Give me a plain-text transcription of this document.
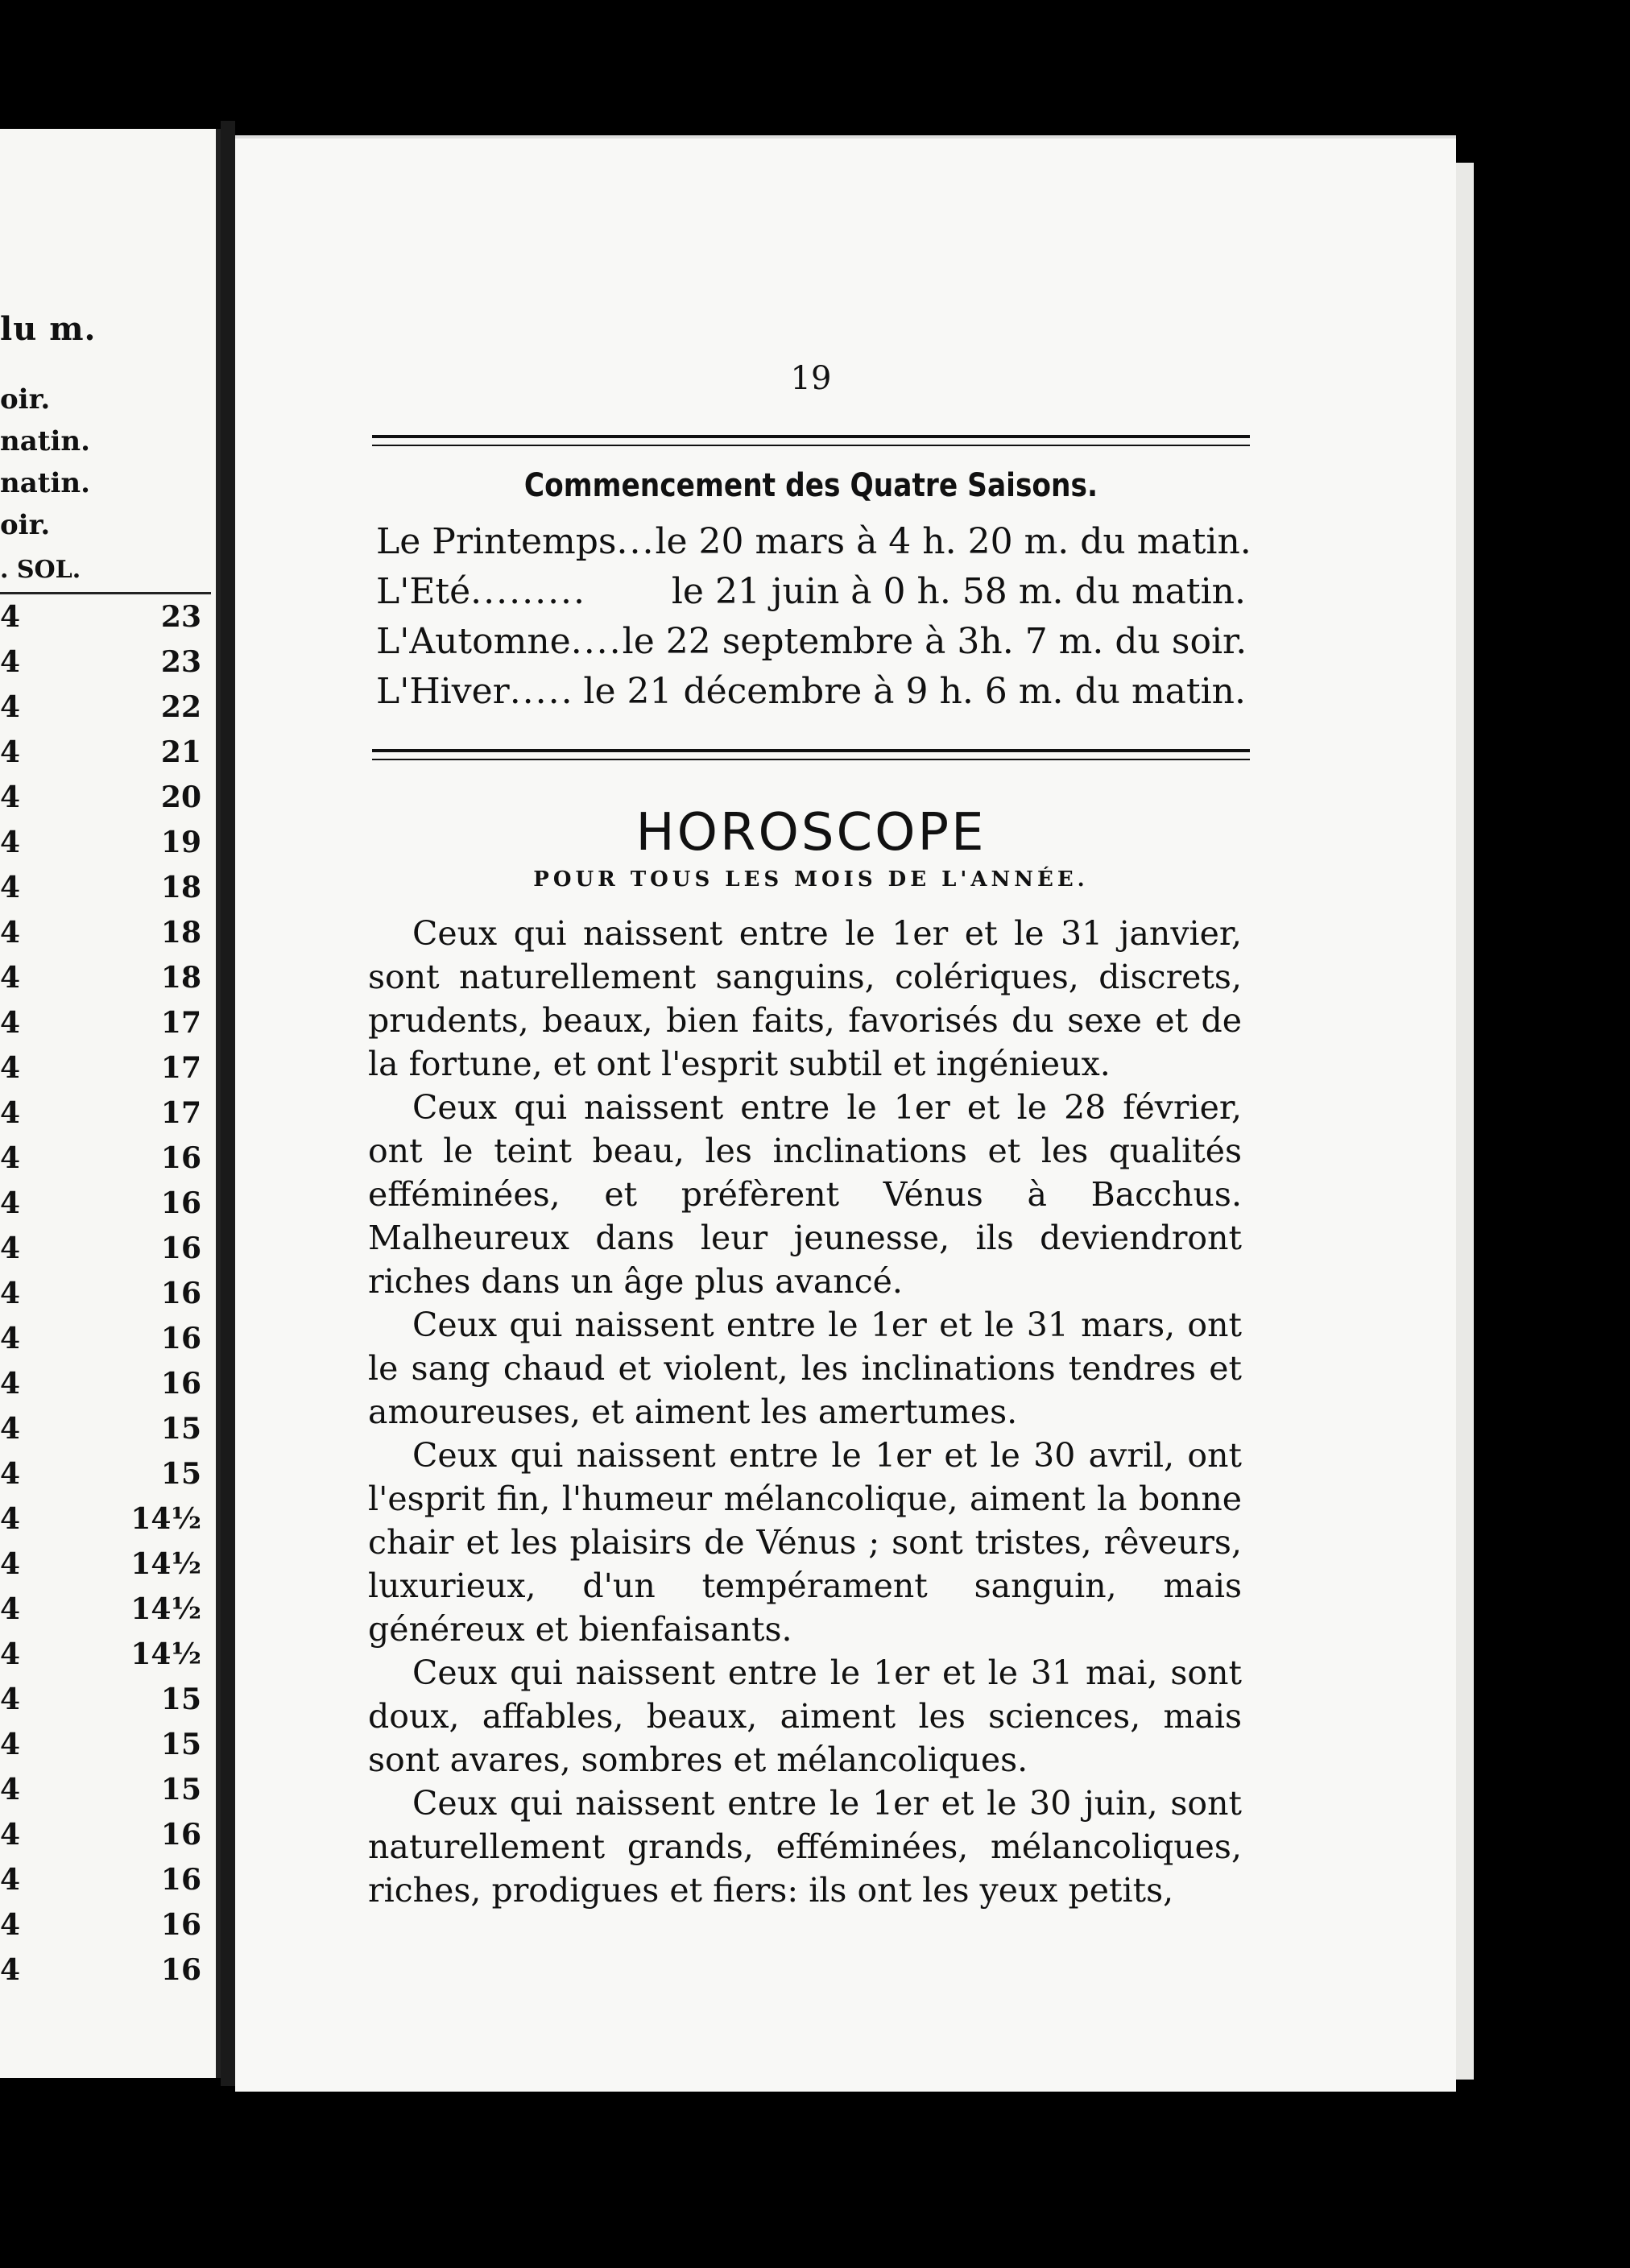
lu m.
oir.
natin.
natin.
oir.
. SOL.
4	23
4	23
4	22
4	21
4	20
4	19
4	18
4	18
4	18
4	17
4	17
4	17
4	16
4	16
4	16
4	16
4	16
4	16
4	15
4	15
4	14½
4	14½
4	14½
4	14½
4	15
4	15
4	15
4	16
4	16
4	16
4	16
19
Commencement des Quatre Saisons.
Le Printemps ... le 20 mars à 4 h. 20 m. du matin.
L'Eté ......... le 21 juin à 0 h. 58 m. du matin.
L'Automne .... le 22 septembre à 3h. 7 m. du soir.
L'Hiver ..... le 21 décembre à 9 h. 6 m. du matin.
HOROSCOPE
POUR TOUS LES MOIS DE L'ANNÉE.

Ceux qui naissent entre le 1er et le 31 janvier, sont naturellement sanguins, colériques, discrets, prudents, beaux, bien faits, favorisés du sexe et de la fortune, et ont l'esprit subtil et ingénieux.

Ceux qui naissent entre le 1er et le 28 février, ont le teint beau, les inclinations et les qualités efféminées, et préfèrent Vénus à Bacchus. Malheureux dans leur jeunesse, ils deviendront riches dans un âge plus avancé.

Ceux qui naissent entre le 1er et le 31 mars, ont le sang chaud et violent, les inclinations tendres et amoureuses, et aiment les amertumes.

Ceux qui naissent entre le 1er et le 30 avril, ont l'esprit fin, l'humeur mélancolique, aiment la bonne chair et les plaisirs de Vénus ; sont tristes, rêveurs, luxurieux, d'un tempérament sanguin, mais généreux et bienfaisants.

Ceux qui naissent entre le 1er et le 31 mai, sont doux, affables, beaux, aiment les sciences, mais sont avares, sombres et mélancoliques.

Ceux qui naissent entre le 1er et le 30 juin, sont naturellement grands, efféminées, mélancoliques, riches, prodigues et fiers: ils ont les yeux petits,
